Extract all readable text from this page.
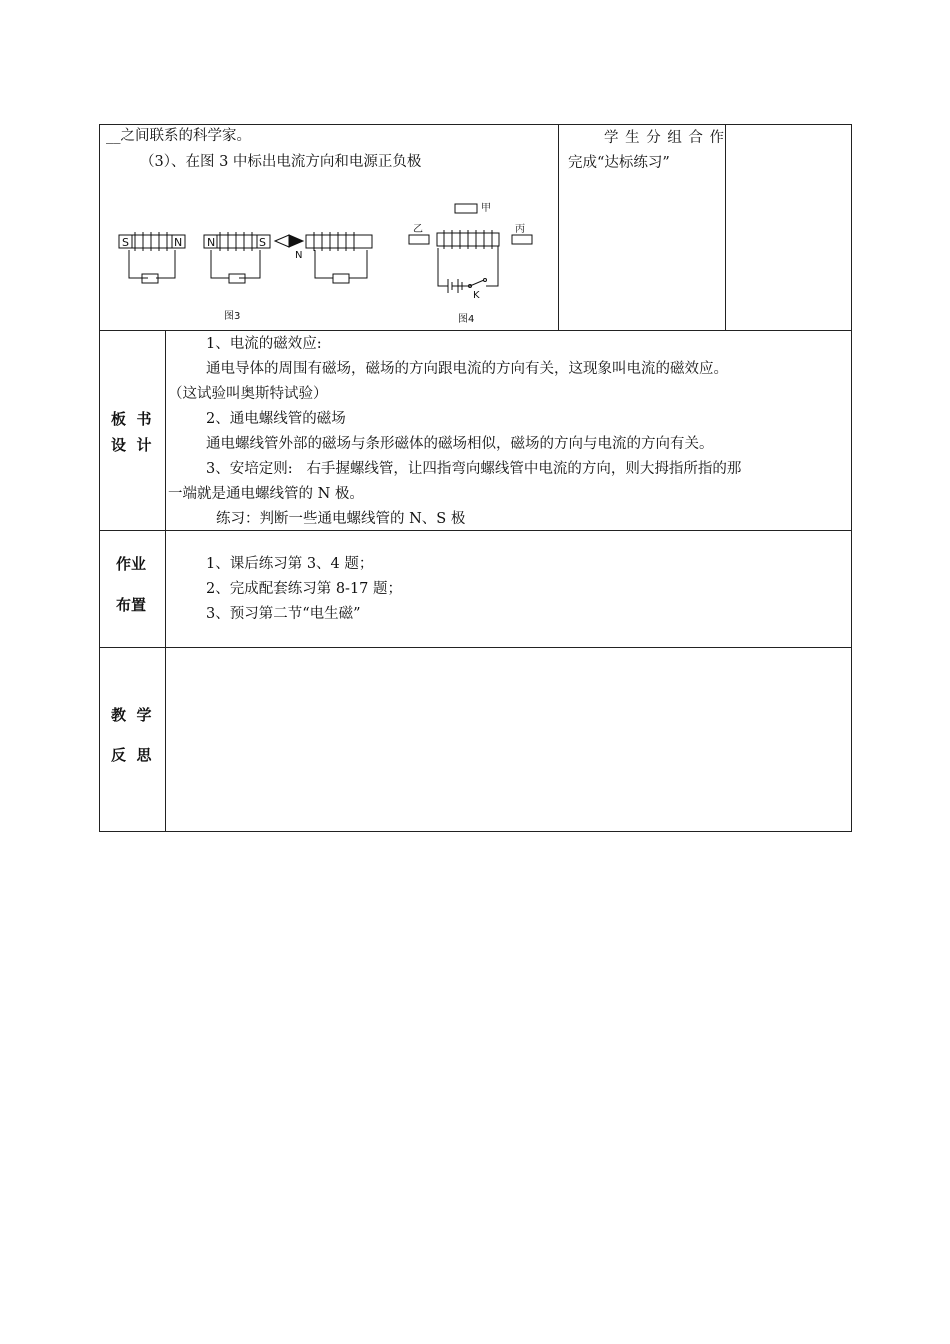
__之间联系的科学家。
（3）、在图 3 中标出电流方向和电源正负极
学 生 分 组 合 作
完成“达标练习”
S	N N	S
N
图3
甲
乙	丙
K
图4
板  书
设  计
1、电流的磁效应:
通电导体的周围有磁场，磁场的方向跟电流的方向有关，这现象叫电流的磁效应。
（这试验叫奥斯特试验）
2、通电螺线管的磁场
通电螺线管外部的磁场与条形磁体的磁场相似，磁场的方向与电流的方向有关。
3、安培定则:   右手握螺线管，让四指弯向螺线管中电流的方向，则大拇指所指的那
一端就是通电螺线管的 N 极。
练习：判断一些通电螺线管的 N、S 极
作业
布置
1、课后练习第 3、4 题；
2、完成配套练习第 8-17 题；
3、预习第二节“电生磁”
教  学
反  思
